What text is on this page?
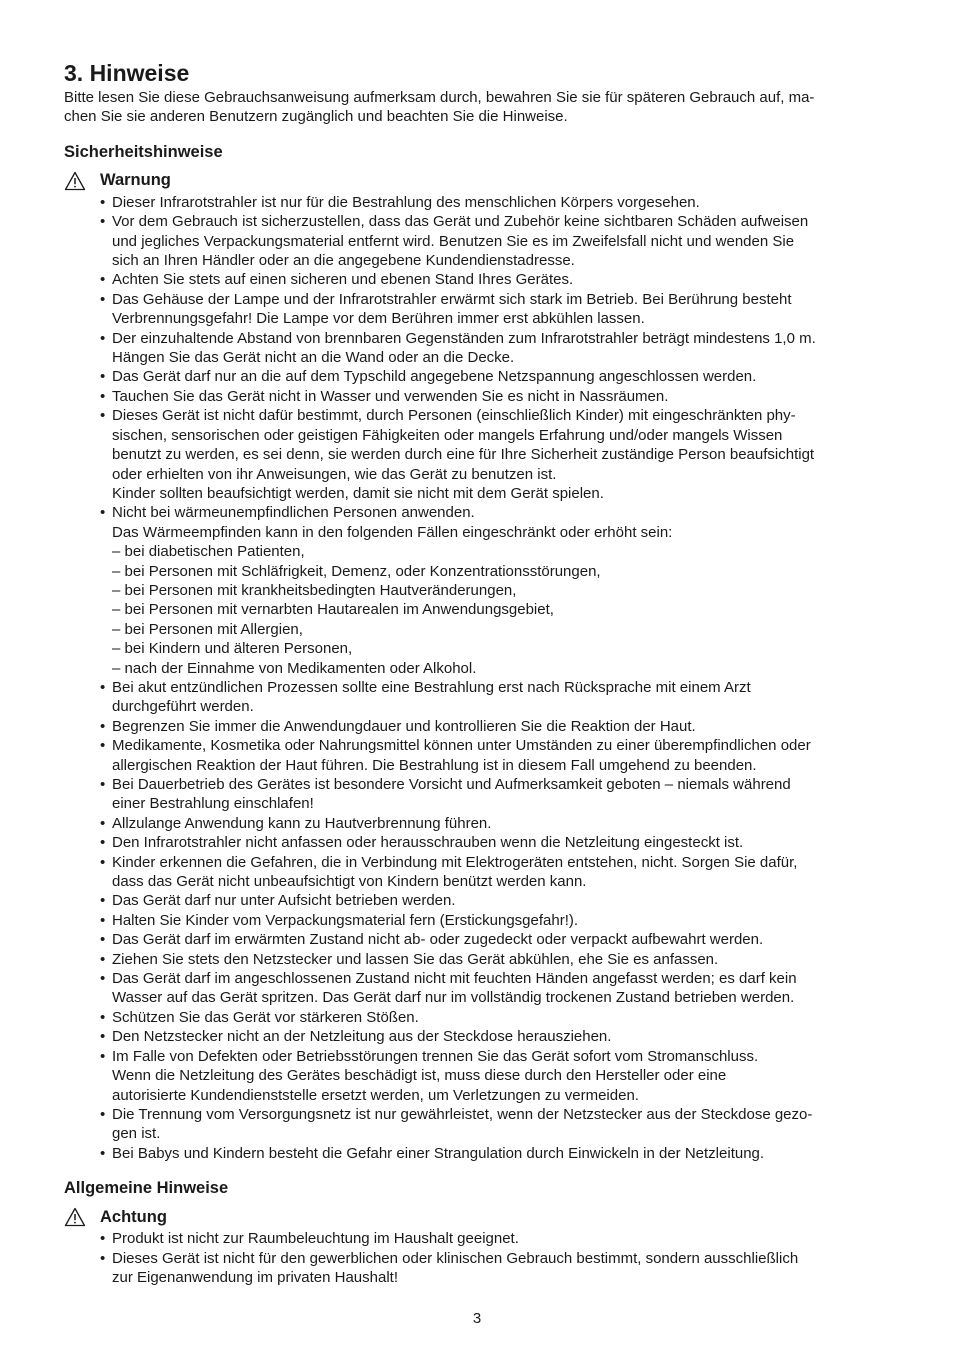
3. Hinweise

Bitte lesen Sie diese Gebrauchsanweisung aufmerksam durch, bewahren Sie sie für späteren Gebrauch auf, ma-
chen Sie sie anderen Benutzern zugänglich und beachten Sie die Hinweise.

Sicherheitshinweise
Warnung
• Dieser Infrarotstrahler ist nur für die Bestrahlung des menschlichen Körpers vorgesehen.
• Vor dem Gebrauch ist sicherzustellen, dass das Gerät und Zubehör keine sichtbaren Schäden aufweisen
und jegliches Verpackungsmaterial entfernt wird. Benutzen Sie es im Zweifelsfall nicht und wenden Sie
sich an Ihren Händler oder an die angegebene Kundendienstadresse.
• Achten Sie stets auf einen sicheren und ebenen Stand Ihres Gerätes.
• Das Gehäuse der Lampe und der Infrarotstrahler erwärmt sich stark im Betrieb. Bei Berührung besteht
Verbrennungsgefahr! Die Lampe vor dem Berühren immer erst abkühlen lassen.
• Der einzuhaltende Abstand von brennbaren Gegenständen zum Infrarotstrahler beträgt mindestens 1,0 m.
Hängen Sie das Gerät nicht an die Wand oder an die Decke.
• Das Gerät darf nur an die auf dem Typschild angegebene Netzspannung angeschlossen werden.
• Tauchen Sie das Gerät nicht in Wasser und verwenden Sie es nicht in Nassräumen.
• Dieses Gerät ist nicht dafür bestimmt, durch Personen (einschließlich Kinder) mit eingeschränkten phy-
sischen, sensorischen oder geistigen Fähigkeiten oder mangels Erfahrung und/oder mangels Wissen
benutzt zu werden, es sei denn, sie werden durch eine für Ihre Sicherheit zuständige Person beaufsichtigt
oder erhielten von ihr Anweisungen, wie das Gerät zu benutzen ist.
Kinder sollten beaufsichtigt werden, damit sie nicht mit dem Gerät spielen.
• Nicht bei wärmeunempfindlichen Personen anwenden.
Das Wärmeempfinden kann in den folgenden Fällen eingeschränkt oder erhöht sein:
– bei diabetischen Patienten,
– bei Personen mit Schläfrigkeit, Demenz, oder Konzentrationsstörungen,
– bei Personen mit krankheitsbedingten Hautveränderungen,
– bei Personen mit vernarbten Hautarealen im Anwendungsgebiet,
– bei Personen mit Allergien,
– bei Kindern und älteren Personen,
– nach der Einnahme von Medikamenten oder Alkohol.
• Bei akut entzündlichen Prozessen sollte eine Bestrahlung erst nach Rücksprache mit einem Arzt
durchgeführt werden.
• Begrenzen Sie immer die Anwendungdauer und kontrollieren Sie die Reaktion der Haut.
• Medikamente, Kosmetika oder Nahrungsmittel können unter Umständen zu einer überempfindlichen oder
allergischen Reaktion der Haut führen. Die Bestrahlung ist in diesem Fall umgehend zu beenden.
• Bei Dauerbetrieb des Gerätes ist besondere Vorsicht und Aufmerksamkeit geboten – niemals während
einer Bestrahlung einschlafen!
• Allzulange Anwendung kann zu Hautverbrennung führen.
• Den Infrarotstrahler nicht anfassen oder herausschrauben wenn die Netzleitung eingesteckt ist.
• Kinder erkennen die Gefahren, die in Verbindung mit Elektrogeräten entstehen, nicht. Sorgen Sie dafür,
dass das Gerät nicht unbeaufsichtigt von Kindern benützt werden kann.
• Das Gerät darf nur unter Aufsicht betrieben werden.
• Halten Sie Kinder vom Verpackungsmaterial fern (Erstickungsgefahr!).
• Das Gerät darf im erwärmten Zustand nicht ab- oder zugedeckt oder verpackt aufbewahrt werden.
• Ziehen Sie stets den Netzstecker und lassen Sie das Gerät abkühlen, ehe Sie es anfassen.
• Das Gerät darf im angeschlossenen Zustand nicht mit feuchten Händen angefasst werden; es darf kein
Wasser auf das Gerät spritzen. Das Gerät darf nur im vollständig trockenen Zustand betrieben werden.
• Schützen Sie das Gerät vor stärkeren Stößen.
• Den Netzstecker nicht an der Netzleitung aus der Steckdose herausziehen.
• Im Falle von Defekten oder Betriebsstörungen trennen Sie das Gerät sofort vom Stromanschluss.
Wenn die Netzleitung des Gerätes beschädigt ist, muss diese durch den Hersteller oder eine
autorisierte Kundendienststelle ersetzt werden, um Verletzungen zu vermeiden.
• Die Trennung vom Versorgungsnetz ist nur gewährleistet, wenn der Netzstecker aus der Steckdose gezo-
gen ist.
• Bei Babys und Kindern besteht die Gefahr einer Strangulation durch Einwickeln in der Netzleitung.
Allgemeine Hinweise
Achtung
• Produkt ist nicht zur Raumbeleuchtung im Haushalt geeignet.
• Dieses Gerät ist nicht für den gewerblichen oder klinischen Gebrauch bestimmt, sondern ausschließlich
zur Eigenanwendung im privaten Haushalt!
3
